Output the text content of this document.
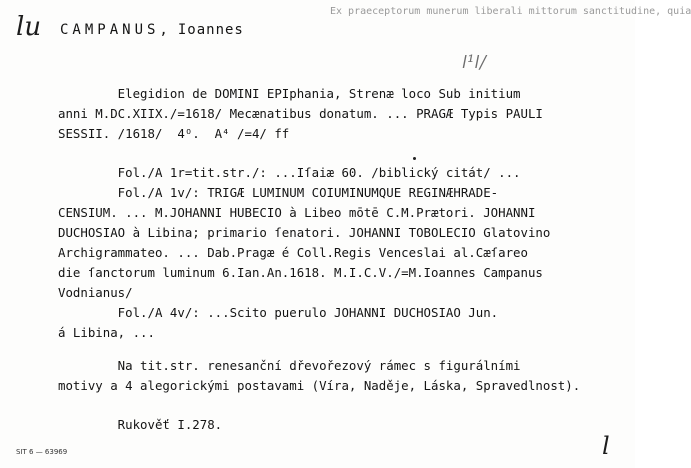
ⅼu CAMPANUS, Ioannes
Ex praeceptorum munerum liberali mittorum sanctitudine, quia
ǀ¹ǀ/
Elegidion de DOMINI EPIphania, Strenæ loco Sub initium
anni M.DC.XIIX./=1618/ Mecænatibus donatum. ... PRAGÆ Typis PAULI
SESSII. /1618/  4ᴼ.  A⁴ /=4/ ff
Fol./A 1r=tit.str./: ...Iſaiæ 60. /biblický citát/ ...
Fol./A 1v/: TRIGÆ LUMINUM COIUMINUMQUE REGINÆHRADE-
CENSIUM. ... M.JOHANNI HUBECIO à Libeo mōtē C.M.Prætori. JOHANNI
DUCHOSIAO à Libina; primario ſenatori. JOHANNI TOBOLECIO Glatovino
Archigrammateo. ... Dab.Pragæ é Coll.Regis Venceslai al.Cæſareo
die ſanctorum luminum 6.Ian.An.1618. M.I.C.V./=M.Ioannes Campanus
Vodnianus/
Fol./A 4v/: ...Scito puerulo JOHANNI DUCHOSIAO Jun.
á Libina, ...
Na tit.str. renesanční dřevořezový rámec s figurálními
motivy a 4 alegorickými postavami (Víra, Naděje, Láska, Spravedlnost).
Rukověť I.278.
SIT 6 — 63969	ⅼ
